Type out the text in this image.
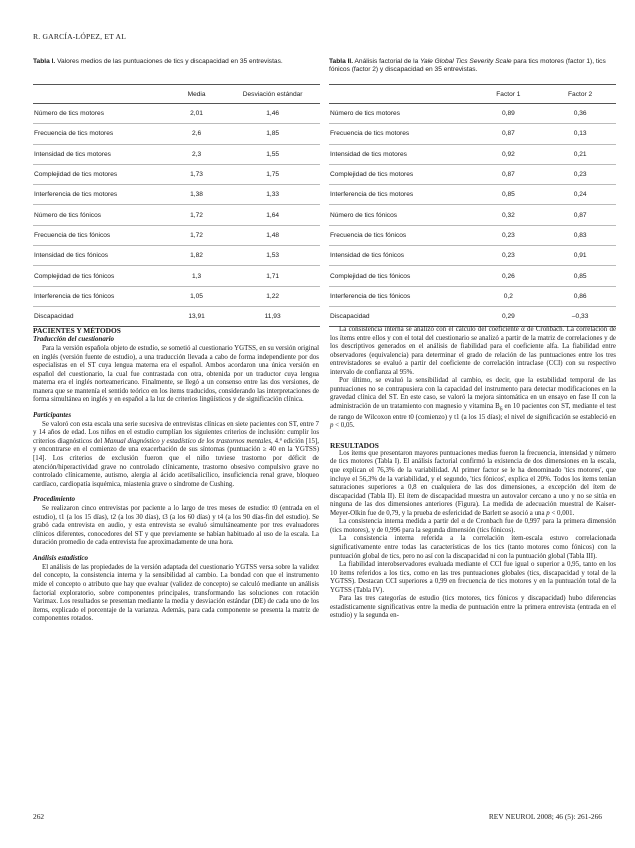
R. GARCÍA-LÓPEZ, ET AL
Tabla I. Valores medios de las puntuaciones de tics y discapacidad en 35 entrevistas.
	Media	Desviación estándar
Número de tics motores	2,01	1,46
Frecuencia de tics motores	2,6	1,85
Intensidad de tics motores	2,3	1,55
Complejidad de tics motores	1,73	1,75
Interferencia de tics motores	1,38	1,33
Número de tics fónicos	1,72	1,64
Frecuencia de tics fónicos	1,72	1,48
Intensidad de tics fónicos	1,82	1,53
Complejidad de tics fónicos	1,3	1,71
Interferencia de tics fónicos	1,05	1,22
Discapacidad	13,91	11,93
Tabla II. Análisis factorial de la Yale Global Tics Severity Scale para tics motores (factor 1), tics fónicos (factor 2) y discapacidad en 35 entrevistas.
	Factor 1	Factor 2
Número de tics motores	0,89	0,36
Frecuencia de tics motores	0,87	0,13
Intensidad de tics motores	0,92	0,21
Complejidad de tics motores	0,87	0,23
Interferencia de tics motores	0,85	0,24
Número de tics fónicos	0,32	0,87
Frecuencia de tics fónicos	0,23	0,83
Intensidad de tics fónicos	0,23	0,91
Complejidad de tics fónicos	0,26	0,85
Interferencia de tics fónicos	0,2	0,86
Discapacidad	0,29	–0,33
PACIENTES Y MÉTODOS
Traducción del cuestionario

Para la versión española objeto de estudio, se sometió al cuestionario YGTSS, en su versión original en inglés (versión fuente de estudio), a una traducción llevada a cabo de forma independiente por dos especialistas en el ST cuya lengua materna era el español. Ambos acordaron una única versión en español del cuestionario, la cual fue contrastada con otra, obtenida por un traductor cuya lengua materna era el inglés norteamericano. Finalmente, se llegó a un consenso entre las dos versiones, de manera que se mantenía el sentido teórico en los ítems traducidos, considerando las interpretaciones de forma simultánea en inglés y en español a la luz de criterios lingüísticos y de significación clínica.

Participantes

Se valoró con esta escala una serie sucesiva de entrevistas clínicas en siete pacientes con ST, entre 7 y 14 años de edad. Los niños en el estudio cumplían los siguientes criterios de inclusión: cumplir los criterios diagnósticos del Manual diagnóstico y estadístico de los trastornos mentales, 4.ª edición [15], y encontrarse en el comienzo de una exacerbación de sus síntomas (puntuación ≥ 40 en la YGTSS) [14]. Los criterios de exclusión fueron que el niño tuviese trastorno por déficit de atención/hiperactividad grave no controlado clínicamente, trastorno obsesivo compulsivo grave no controlado clínicamente, autismo, alergia al ácido acetilsalicílico, insuficiencia renal grave, bloqueo cardíaco, cardiopatía isquémica, miastenia grave o síndrome de Cushing.

Procedimiento

Se realizaron cinco entrevistas por paciente a lo largo de tres meses de estudio: t0 (entrada en el estudio), t1 (a los 15 días), t2 (a los 30 días), t3 (a los 60 días) y t4 (a los 90 días-fin del estudio). Se grabó cada entrevista en audio, y esta entrevista se evaluó simultáneamente por tres evaluadores clínicos diferentes, conocedores del ST y que previamente se habían habituado al uso de la escala. La duración promedio de cada entrevista fue aproximadamente de una hora.

Análisis estadístico

El análisis de las propiedades de la versión adaptada del cuestionario YGTSS versa sobre la validez del concepto, la consistencia interna y la sensibilidad al cambio. La bondad con que el instrumento mide el concepto o atributo que hay que evaluar (validez de concepto) se calculó mediante un análisis factorial exploratorio, sobre componentes principales, transformando las soluciones con rotación Varimax. Los resultados se presentan mediante la media y desviación estándar (DE) de cada uno de los ítems, explicado el porcentaje de la varianza. Además, para cada componente se presenta la matriz de componentes rotados.

La consistencia interna se analizó con el cálculo del coeficiente α de Cronbach. La correlación de los ítems entre ellos y con el total del cuestionario se analizó a partir de la matriz de correlaciones y de los descriptivos generados en el análisis de fiabilidad para el coeficiente alfa. La fiabilidad entre observadores (equivalencia) para determinar el grado de relación de las puntuaciones entre los tres entrevistadores se evaluó a partir del coeficiente de correlación intraclase (CCI) con su respectivo intervalo de confianza al 95%.

Por último, se evaluó la sensibilidad al cambio, es decir, que la estabilidad temporal de las puntuaciones no se contrapusiera con la capacidad del instrumento para detectar modificaciones en la gravedad clínica del ST. En este caso, se valoró la mejora sintomática en un ensayo en fase II con la administración de un tratamiento con magnesio y vitamina $B_6$ en 10 pacientes con ST, mediante el test de rango de Wilcoxon entre t0 (comienzo) y t1 (a los 15 días); el nivel de significación se estableció en p < 0,05.

RESULTADOS

Los ítems que presentaron mayores puntuaciones medias fueron la frecuencia, intensidad y número de tics motores (Tabla I). El análisis factorial confirmó la existencia de dos dimensiones en la escala, que explican el 76,3% de la variabilidad. Al primer factor se le ha denominado 'tics motores', que incluye el 56,3% de la variabilidad, y el segundo, 'tics fónicos', explica el 20%. Todos los ítems tenían saturaciones superiores a 0,8 en cualquiera de las dos dimensiones, a excepción del ítem de discapacidad (Tabla II). El ítem de discapacidad muestra un autovalor cercano a uno y no se sitúa en ninguna de las dos dimensiones anteriores (Figura). La medida de adecuación muestral de Kaiser-Meyer-Olkin fue de 0,79, y la prueba de esfericidad de Barlett se asoció a una p < 0,001.

La consistencia interna medida a partir del α de Cronbach fue de 0,997 para la primera dimensión (tics motores), y de 0,996 para la segunda dimensión (tics fónicos).

La consistencia interna referida a la correlación ítem-escala estuvo correlacionada significativamente entre todas las características de los tics (tanto motores como fónicos) con la puntuación global de tics, pero no así con la discapacidad ni con la puntuación global (Tabla III).

La fiabilidad interobservadores evaluada mediante el CCI fue igual o superior a 0,95, tanto en los 10 ítems referidos a los tics, como en las tres puntuaciones globales (tics, discapacidad y total de la YGTSS). Destacan CCI superiores a 0,99 en frecuencia de tics motores y en la puntuación total de la YGTSS (Tabla IV).

Para las tres categorías de estudio (tics motores, tics fónicos y discapacidad) hubo diferencias estadísticamente significativas entre la media de puntuación entre la primera entrevista (entrada en el estudio) y la segunda en-

262	REV NEUROL 2008; 46 (5): 261-266
